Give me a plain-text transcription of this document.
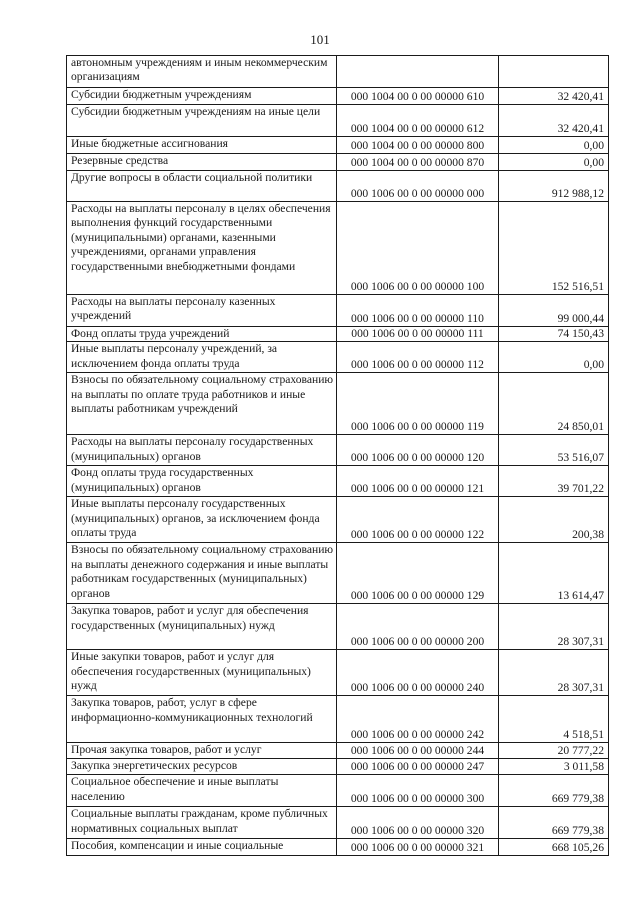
101
автономным учреждениям и иным некоммерческим организациям		
Субсидии бюджетным учреждениям	000 1004 00 0 00 00000 610	32 420,41
Субсидии бюджетным учреждениям на иные цели	000 1004 00 0 00 00000 612	32 420,41
Иные бюджетные ассигнования	000 1004 00 0 00 00000 800	0,00
Резервные средства	000 1004 00 0 00 00000 870	0,00
Другие вопросы в области социальной политики	000 1006 00 0 00 00000 000	912 988,12
Расходы на выплаты персоналу в целях обеспечения выполнения функций государственными (муниципальными) органами, казенными учреждениями, органами управления государственными внебюджетными фондами	000 1006 00 0 00 00000 100	152 516,51
Расходы на выплаты персоналу казенных учреждений	000 1006 00 0 00 00000 110	99 000,44
Фонд оплаты труда учреждений	000 1006 00 0 00 00000 111	74 150,43
Иные выплаты персоналу учреждений, за исключением фонда оплаты труда	000 1006 00 0 00 00000 112	0,00
Взносы по обязательному социальному страхованию на выплаты по оплате труда работников и иные выплаты работникам учреждений	000 1006 00 0 00 00000 119	24 850,01
Расходы на выплаты персоналу государственных (муниципальных) органов	000 1006 00 0 00 00000 120	53 516,07
Фонд оплаты труда государственных (муниципальных) органов	000 1006 00 0 00 00000 121	39 701,22
Иные выплаты персоналу государственных (муниципальных) органов, за исключением фонда оплаты труда	000 1006 00 0 00 00000 122	200,38
Взносы по обязательному социальному страхованию на выплаты денежного содержания и иные выплаты работникам государственных (муниципальных) органов	000 1006 00 0 00 00000 129	13 614,47
Закупка товаров, работ и услуг для обеспечения государственных (муниципальных) нужд	000 1006 00 0 00 00000 200	28 307,31
Иные закупки товаров, работ и услуг для обеспечения государственных (муниципальных) нужд	000 1006 00 0 00 00000 240	28 307,31
Закупка товаров, работ, услуг в сфере информационно-коммуникационных технологий	000 1006 00 0 00 00000 242	4 518,51
Прочая закупка товаров, работ и услуг	000 1006 00 0 00 00000 244	20 777,22
Закупка энергетических ресурсов	000 1006 00 0 00 00000 247	3 011,58
Социальное обеспечение и иные выплаты населению	000 1006 00 0 00 00000 300	669 779,38
Социальные выплаты гражданам, кроме публичных нормативных социальных выплат	000 1006 00 0 00 00000 320	669 779,38
Пособия, компенсации и иные социальные	000 1006 00 0 00 00000 321	668 105,26
